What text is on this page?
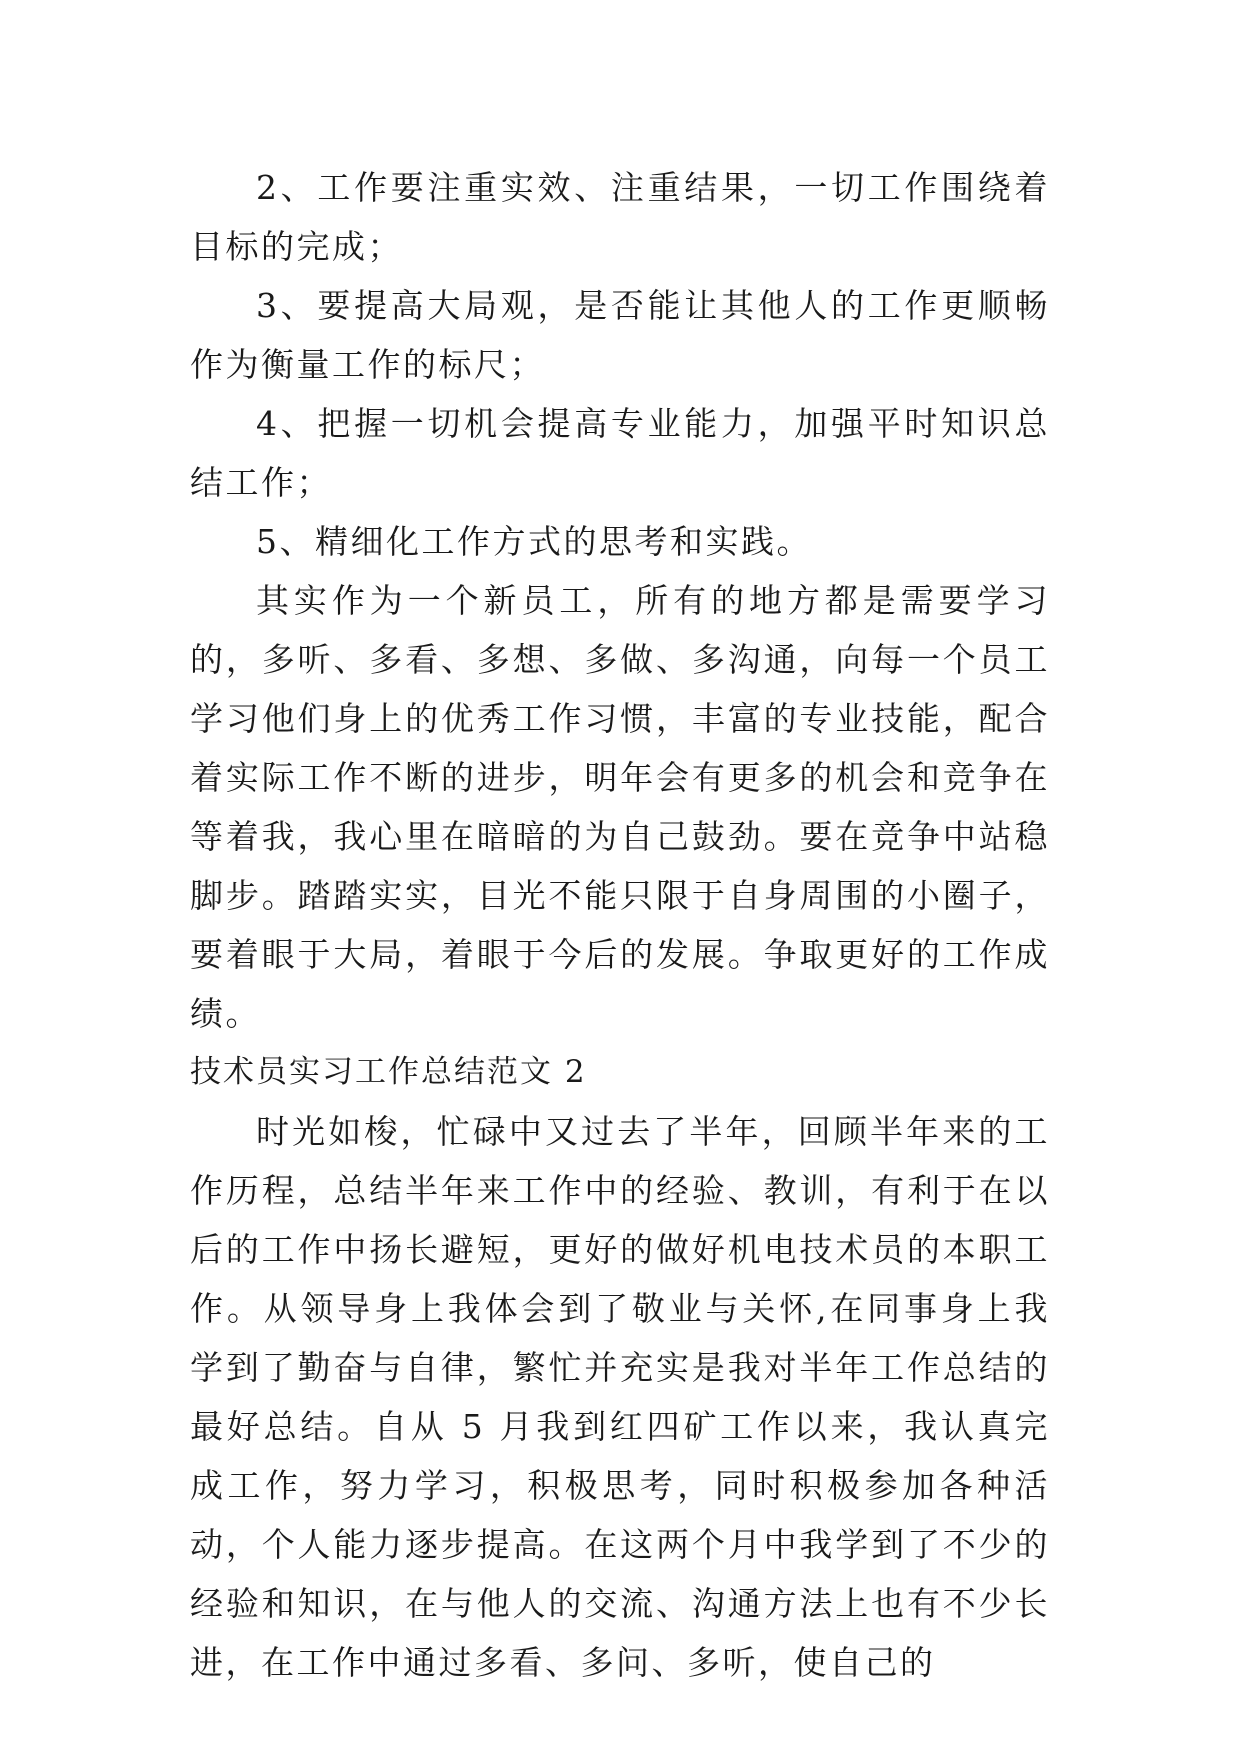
2、工作要注重实效、注重结果，一切工作围绕着目标的完成；

3、要提高大局观，是否能让其他人的工作更顺畅作为衡量工作的标尺；

4、把握一切机会提高专业能力，加强平时知识总结工作；

5、精细化工作方式的思考和实践。

其实作为一个新员工，所有的地方都是需要学习的，多听、多看、多想、多做、多沟通，向每一个员工学习他们身上的优秀工作习惯，丰富的专业技能，配合着实际工作不断的进步，明年会有更多的机会和竞争在等着我，我心里在暗暗的为自己鼓劲。要在竞争中站稳脚步。踏踏实实，目光不能只限于自身周围的小圈子，要着眼于大局，着眼于今后的发展。争取更好的工作成绩。

技术员实习工作总结范文 2

时光如梭，忙碌中又过去了半年，回顾半年来的工作历程，总结半年来工作中的经验、教训，有利于在以后的工作中扬长避短，更好的做好机电技术员的本职工作。从领导身上我体会到了敬业与关怀,在同事身上我学到了勤奋与自律，繁忙并充实是我对半年工作总结的最好总结。自从 5 月我到红四矿工作以来，我认真完成工作，努力学习，积极思考，同时积极参加各种活动，个人能力逐步提高。在这两个月中我学到了不少的经验和知识，在与他人的交流、沟通方法上也有不少长进，在工作中通过多看、多问、多听，使自己的
